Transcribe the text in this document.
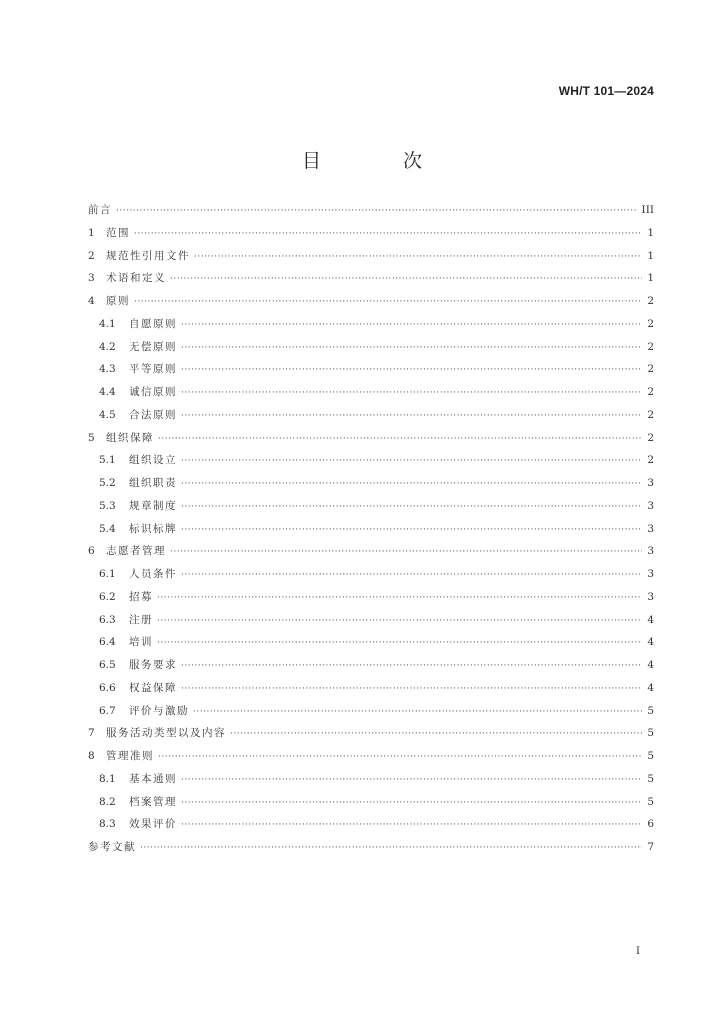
WH/T 101—2024
目 次
前言 ·····	III
1	范围 ·····	1
2	规范性引用文件 ·····	1
3	术语和定义 ·····	1
4	原则 ·····	2
4.1	自愿原则 ·····	2
4.2	无偿原则 ·····	2
4.3	平等原则 ·····	2
4.4	诚信原则 ·····	2
4.5	合法原则 ·····	2
5	组织保障 ·····	2
5.1	组织设立 ·····	2
5.2	组织职责 ·····	3
5.3	规章制度 ·····	3
5.4	标识标牌 ·····	3
6	志愿者管理 ·····	3
6.1	人员条件 ·····	3
6.2	招募 ·····	3
6.3	注册 ·····	4
6.4	培训 ·····	4
6.5	服务要求 ·····	4
6.6	权益保障 ·····	4
6.7	评价与激励 ·····	5
7	服务活动类型以及内容 ·····	5
8	管理准则 ·····	5
8.1	基本通则 ·····	5
8.2	档案管理 ·····	5
8.3	效果评价 ·····	6
参考文献 ·····	7
I
